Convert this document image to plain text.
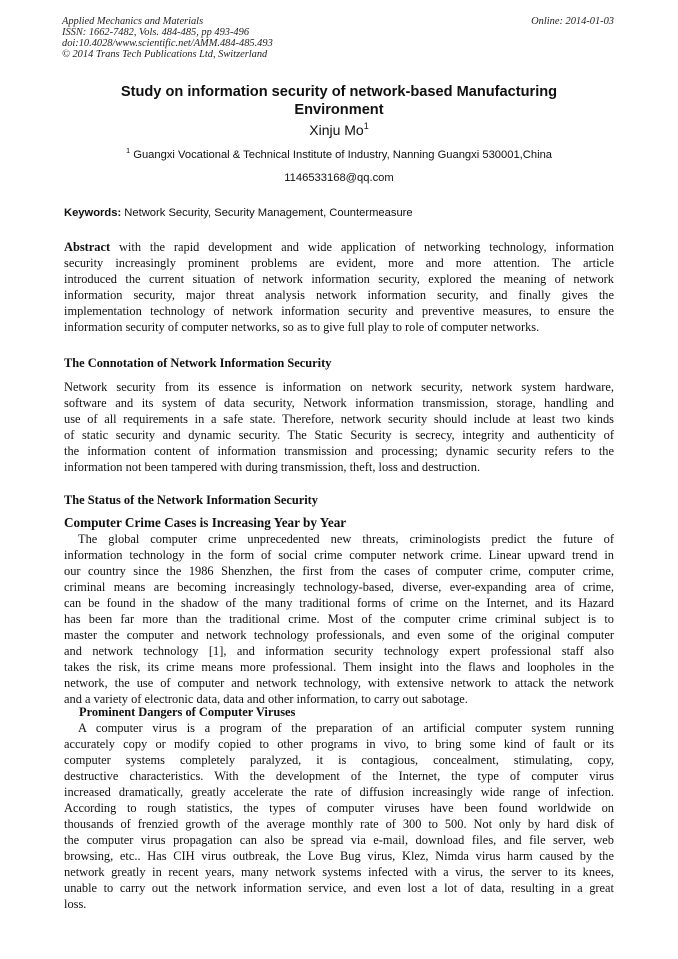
Applied Mechanics and Materials
ISSN: 1662-7482, Vols. 484-485, pp 493-496
doi:10.4028/www.scientific.net/AMM.484-485.493
© 2014 Trans Tech Publications Ltd, Switzerland
Online: 2014-01-03
Study on information security of network-based Manufacturing
Environment
Xinju Mo$^1$
$^1$ Guangxi Vocational & Technical Institute of Industry, Nanning Guangxi 530001,China
1146533168@qq.com
Keywords: Network Security, Security Management, Countermeasure
Abstract with the rapid development and wide application of networking technology, information
security increasingly prominent problems are evident, more and more attention. The article
introduced the current situation of network information security, explored the meaning of network
information security, major threat analysis network information security, and finally gives the
implementation technology of network information security and preventive measures, to ensure the
information security of computer networks, so as to give full play to role of computer networks.
The Connotation of Network Information Security
Network security from its essence is information on network security, network system hardware,
software and its system of data security, Network information transmission, storage, handling and
use of all requirements in a safe state. Therefore, network security should include at least two kinds
of static security and dynamic security. The Static Security is secrecy, integrity and authenticity of
the information content of information transmission and processing; dynamic security refers to the
information not been tampered with during transmission, theft, loss and destruction.
The Status of the Network Information Security
Computer Crime Cases is Increasing Year by Year
The global computer crime unprecedented new threats, criminologists predict the future of
information technology in the form of social crime computer network crime. Linear upward trend in
our country since the 1986 Shenzhen, the first from the cases of computer crime, computer crime,
criminal means are becoming increasingly technology-based, diverse, ever-expanding area of crime,
can be found in the shadow of the many traditional forms of crime on the Internet, and its Hazard
has been far more than the traditional crime. Most of the computer crime criminal subject is to
master the computer and network technology professionals, and even some of the original computer
and network technology [1], and information security technology expert professional staff also
takes the risk, its crime means more professional. Them insight into the flaws and loopholes in the
network, the use of computer and network technology, with extensive network to attack the network
and a variety of electronic data, data and other information, to carry out sabotage.
Prominent Dangers of Computer Viruses
A computer virus is a program of the preparation of an artificial computer system running
accurately copy or modify copied to other programs in vivo, to bring some kind of fault or its
computer systems completely paralyzed, it is contagious, concealment, stimulating, copy,
destructive characteristics. With the development of the Internet, the type of computer virus
increased dramatically, greatly accelerate the rate of diffusion increasingly wide range of infection.
According to rough statistics, the types of computer viruses have been found worldwide on
thousands of frenzied growth of the average monthly rate of 300 to 500. Not only by hard disk of
the computer virus propagation can also be spread via e-mail, download files, and file server, web
browsing, etc.. Has CIH virus outbreak, the Love Bug virus, Klez, Nimda virus harm caused by the
network greatly in recent years, many network systems infected with a virus, the server to its knees,
unable to carry out the network information service, and even lost a lot of data, resulting in a great
loss.
